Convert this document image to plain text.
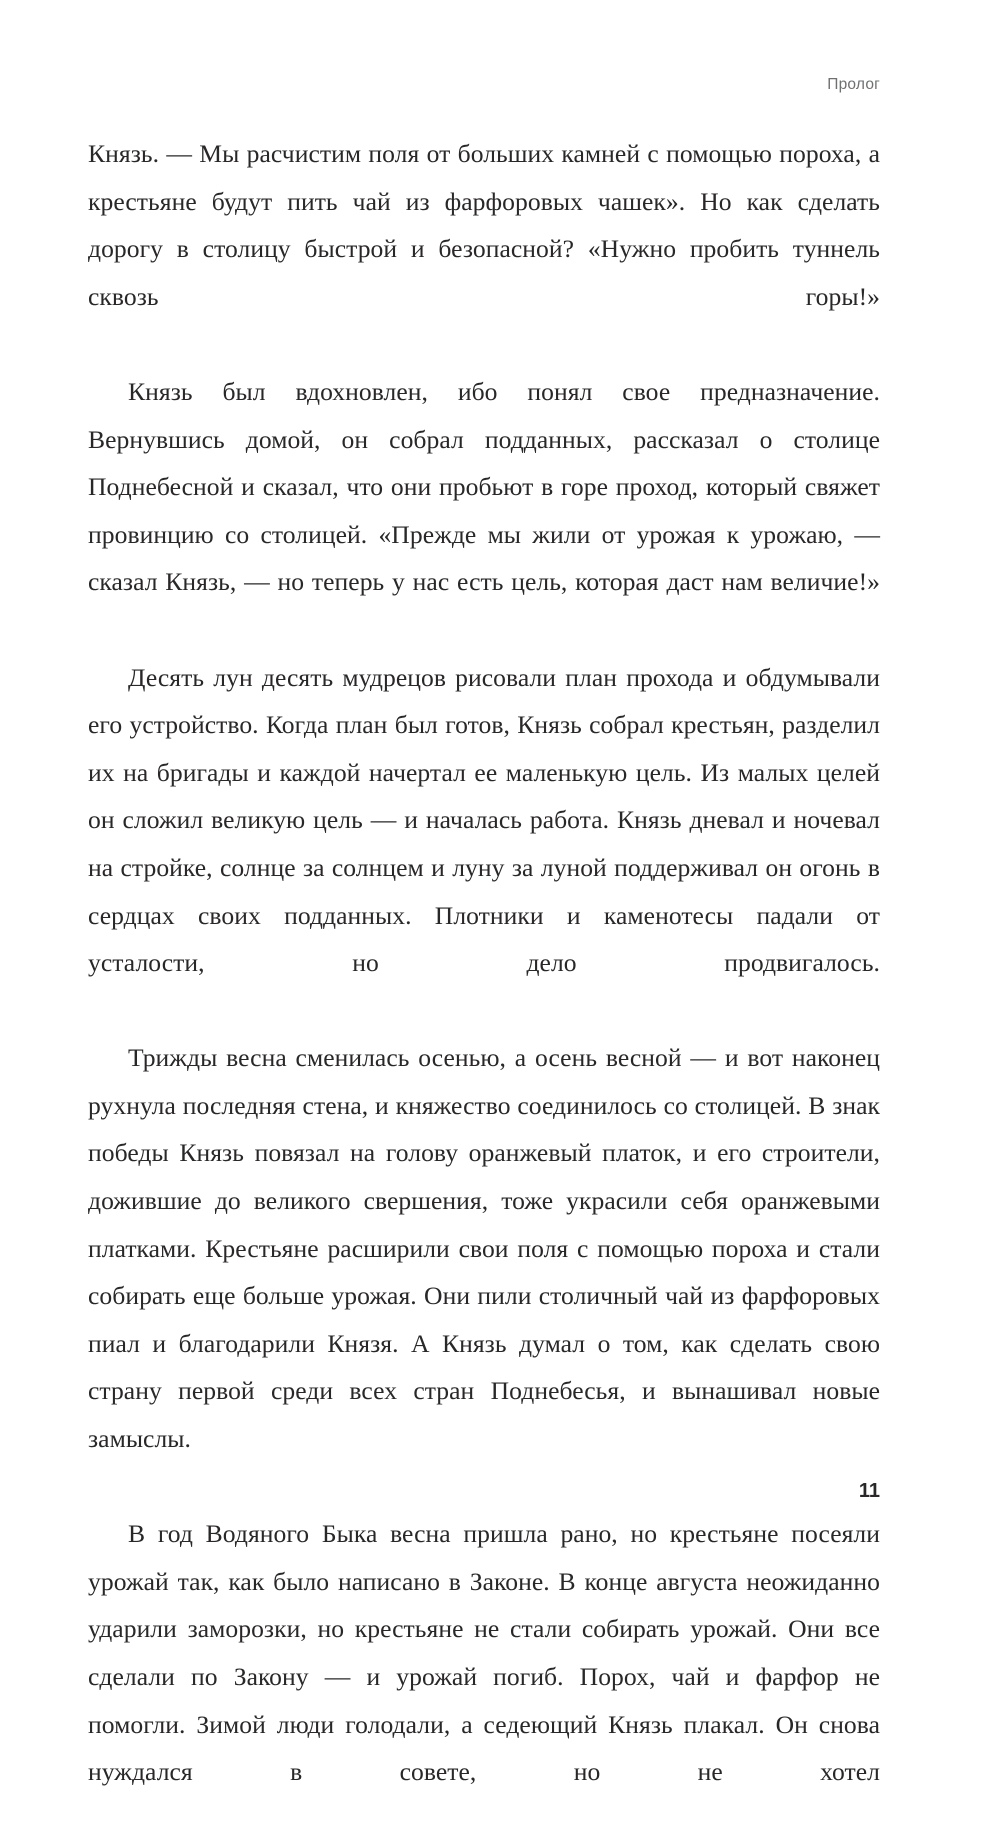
Пролог

Князь. — Мы расчистим поля от больших камней с помощью пороха, а крестьяне будут пить чай из фарфоровых чашек». Но как сделать дорогу в столицу быстрой и безопасной? «Нужно пробить туннель сквозь горы!»

Князь был вдохновлен, ибо понял свое предназначение. Вернувшись домой, он собрал подданных, рассказал о столице Поднебесной и сказал, что они пробьют в горе проход, который свяжет провинцию со столицей. «Прежде мы жили от урожая к урожаю, — сказал Князь, — но теперь у нас есть цель, которая даст нам величие!»

Десять лун десять мудрецов рисовали план прохода и обдумывали его устройство. Когда план был готов, Князь собрал крестьян, разделил их на бригады и каждой начертал ее маленькую цель. Из малых целей он сложил великую цель — и началась работа. Князь дневал и ночевал на стройке, солнце за солнцем и луну за луной поддерживал он огонь в сердцах своих подданных. Плотники и каменотесы падали от усталости, но дело продвигалось.

Трижды весна сменилась осенью, а осень весной — и вот наконец рухнула последняя стена, и княжество соединилось со столицей. В знак победы Князь повязал на голову оранжевый платок, и его строители, дожившие до великого свершения, тоже украсили себя оранжевыми платками. Крестьяне расширили свои поля с помощью пороха и стали собирать еще больше урожая. Они пили столичный чай из фарфоровых пиал и благодарили Князя. А Князь думал о том, как сделать свою страну первой среди всех стран Поднебесья, и вынашивал новые замыслы.

В год Водяного Быка весна пришла рано, но крестьяне посеяли урожай так, как было написано в Законе. В конце августа неожиданно ударили заморозки, но крестьяне не стали собирать урожай. Они все сделали по Закону — и урожай погиб. Порох, чай и фарфор не помогли. Зимой люди голодали, а седеющий Князь плакал. Он снова нуждался в совете, но не хотел

11
